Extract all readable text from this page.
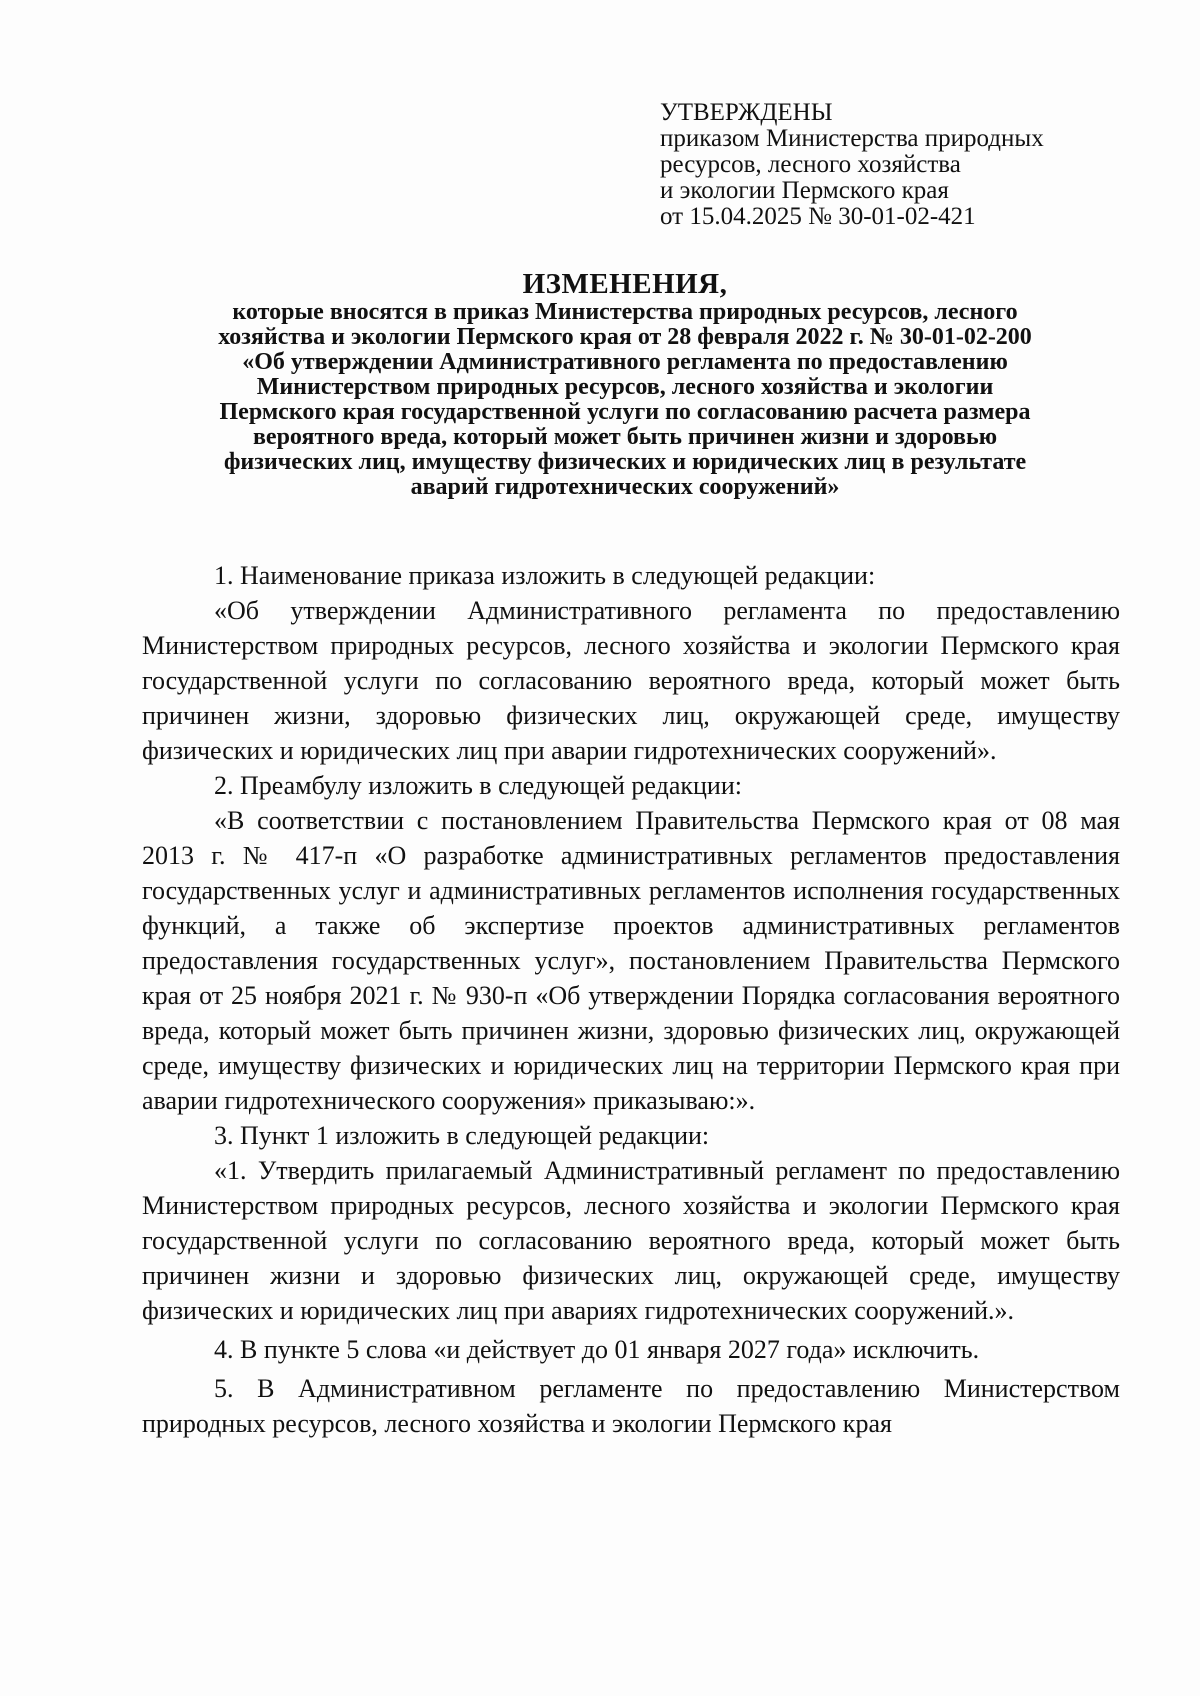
УТВЕРЖДЕНЫ
приказом Министерства природных
ресурсов, лесного хозяйства
и экологии Пермского края
от 15.04.2025 № 30-01-02-421
ИЗМЕНЕНИЯ,
которые вносятся в приказ Министерства природных ресурсов, лесного
хозяйства и экологии Пермского края от 28 февраля 2022 г. № 30-01-02-200
«Об утверждении Административного регламента по предоставлению
Министерством природных ресурсов, лесного хозяйства и экологии
Пермского края государственной услуги по согласованию расчета размера
вероятного вреда, который может быть причинен жизни и здоровью
физических лиц, имуществу физических и юридических лиц в результате
аварий гидротехнических сооружений»

1. Наименование приказа изложить в следующей редакции:

«Об утверждении Административного регламента по предоставлению Министерством природных ресурсов, лесного хозяйства и экологии Пермского края государственной услуги по согласованию вероятного вреда, который может быть причинен жизни, здоровью физических лиц, окружающей среде, имуществу физических и юридических лиц при аварии гидротехнических сооружений».

2. Преамбулу изложить в следующей редакции:

«В соответствии с постановлением Правительства Пермского края от 08 мая 2013 г. № 417-п «О разработке административных регламентов предоставления государственных услуг и административных регламентов исполнения государственных функций, а также об экспертизе проектов административных регламентов предоставления государственных услуг», постановлением Правительства Пермского края от 25 ноября 2021 г. № 930-п «Об утверждении Порядка согласования вероятного вреда, который может быть причинен жизни, здоровью физических лиц, окружающей среде, имуществу физических и юридических лиц на территории Пермского края при аварии гидротехнического сооружения» приказываю:».

3. Пункт 1 изложить в следующей редакции:

«1. Утвердить прилагаемый Административный регламент по предоставлению Министерством природных ресурсов, лесного хозяйства и экологии Пермского края государственной услуги по согласованию вероятного вреда, который может быть причинен жизни и здоровью физических лиц, окружающей среде, имуществу физических и юридических лиц при авариях гидротехнических сооружений.».

4. В пункте 5 слова «и действует до 01 января 2027 года» исключить.

5. В Административном регламенте по предоставлению Министерством природных ресурсов, лесного хозяйства и экологии Пермского края
